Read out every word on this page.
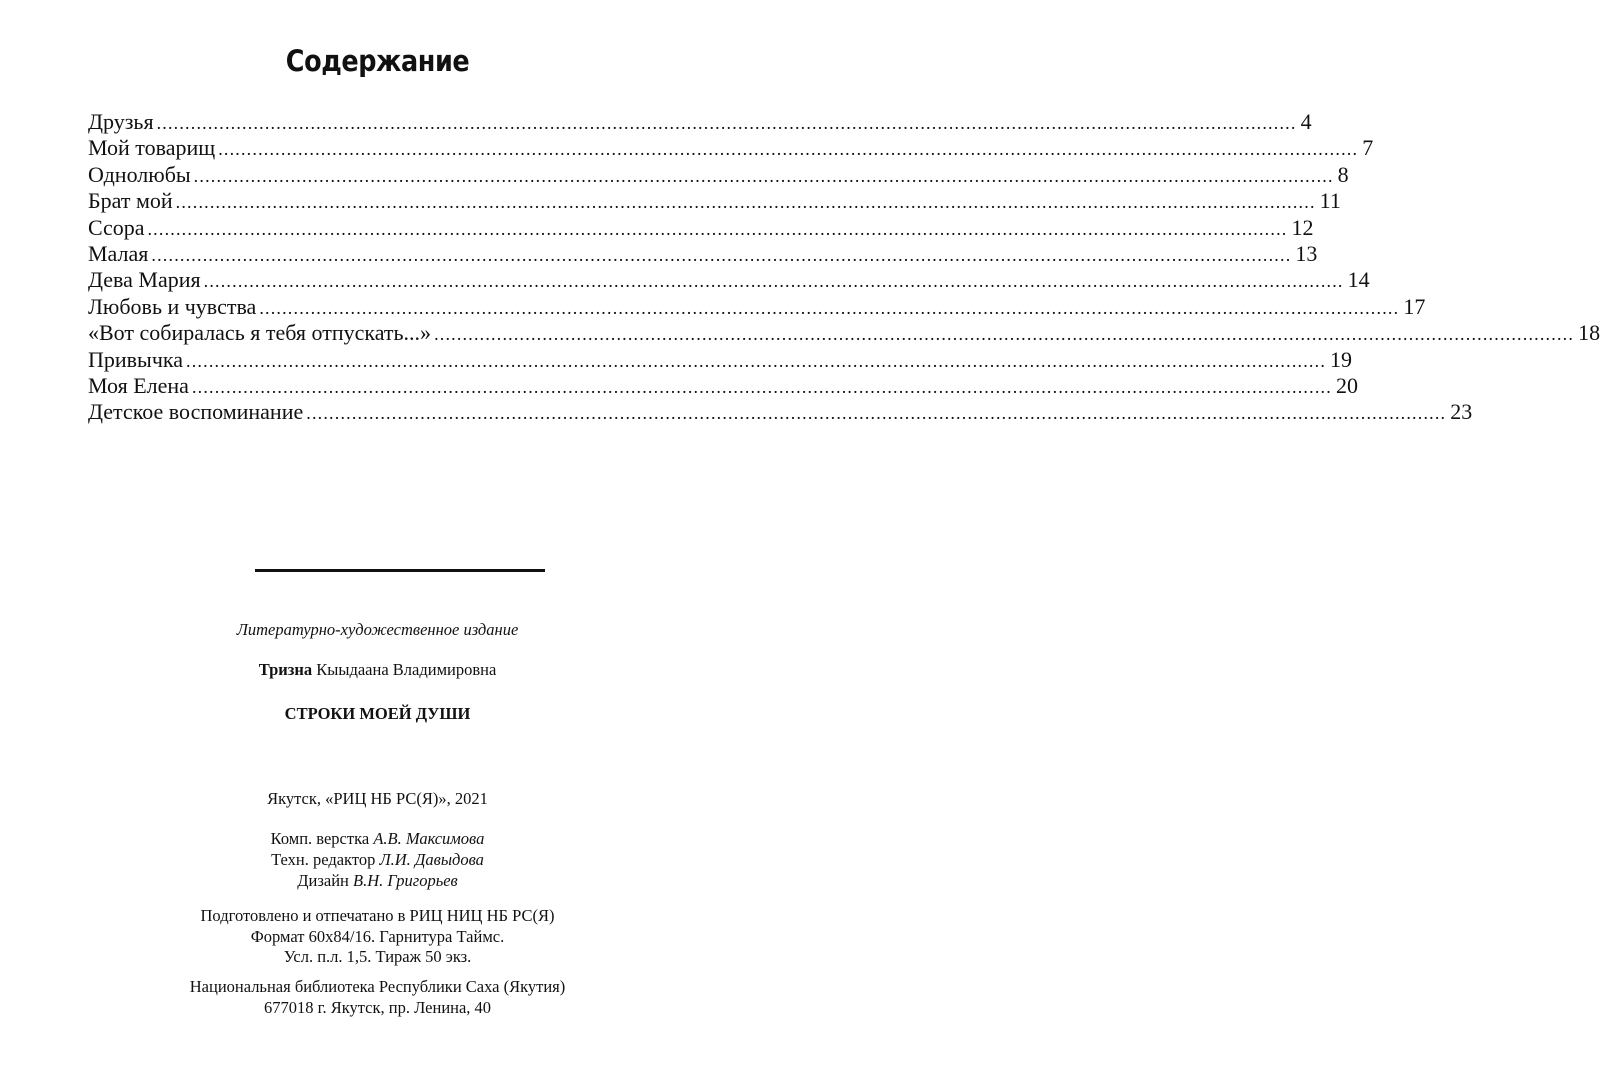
Содержание
Друзья ........................................................................................................................................................................................................ 4
Мой товарищ ........................................................................................................................................................................................................ 7
Однолюбы ........................................................................................................................................................................................................ 8
Брат мой ........................................................................................................................................................................................................ 11
Ссора ........................................................................................................................................................................................................ 12
Малая ........................................................................................................................................................................................................ 13
Дева Мария ........................................................................................................................................................................................................ 14
Любовь и чувства ........................................................................................................................................................................................................ 17
«Вот собиралась я тебя отпускать...» ........................................................................................................................................................................................................ 18
Привычка ........................................................................................................................................................................................................ 19
Моя Елена ........................................................................................................................................................................................................ 20
Детское воспоминание ........................................................................................................................................................................................................ 23

Литературно-художественное издание

Тризна Кыыдаана Владимировна

СТРОКИ МОЕЙ ДУШИ

Якутск, «РИЦ НБ РС(Я)», 2021

Комп. верстка А.В. Максимова
Техн. редактор Л.И. Давыдова
Дизайн В.Н. Григорьев
Подготовлено и отпечатано в РИЦ НИЦ НБ РС(Я)
Формат 60х84/16. Гарнитура Таймс.
Усл. п.л. 1,5. Тираж 50 экз.
Национальная библиотека Республики Саха (Якутия)
677018 г. Якутск, пр. Ленина, 40
